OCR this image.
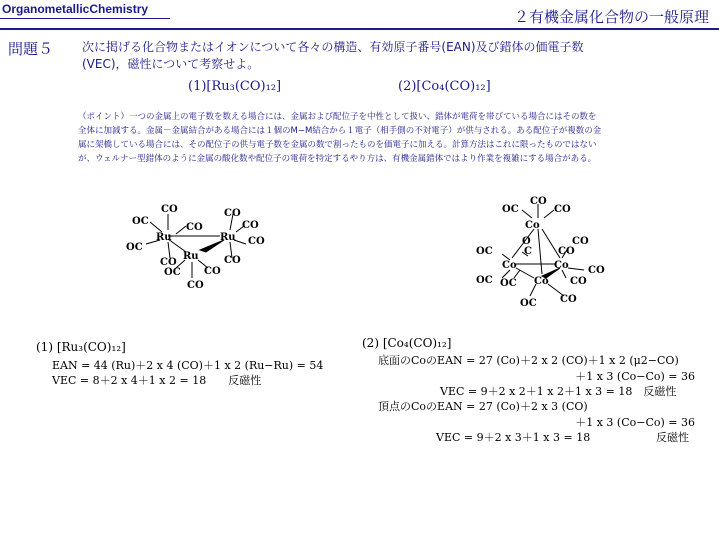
OrganometallicChemistry	２有機金属化合物の一般原理
問題５ 次に掲げる化合物またはイオンについて各々の構造、有効原子番号(EAN)及び錯体の価電子数
(VEC)，磁性について考察せよ。
(1)[Ru₃(CO)₁₂]	(2)[Co₄(CO)₁₂]
（ポイント）一つの金属上の電子数を数える場合には、金属および配位子を中性として扱い、錯体が電荷を帯びている場合にはその数を
全体に加減する。金属－金属結合がある場合には１個のM−M結合から１電子（相手側の不対電子）が供与される。ある配位子が複数の金
属に架橋している場合には、その配位子の供与電子数を金属の数で割ったものを価電子に加える。計算方法はこれに限ったものではない
が、ウェルナー型錯体のように金属の酸化数や配位子の電荷を特定するやり方は、有機金属錯体ではより作業を複雑にする場合がある。
CO
OC
CO
CO
CO
Ru	Ru CO
OC
Ru
CO	CO
OC CO
CO
CO
OC	CO
Co
O	CO
C	CO
OC
Co	Co CO
OC OC Co CO
OC CO
(1) [Ru₃(CO)₁₂]
EAN = 44 (Ru)＋2 x 4 (CO)＋1 x 2 (Ru−Ru) = 54
VEC = 8＋2 x 4＋1 x 2 = 18　　反磁性
(2) [Co₄(CO)₁₂]
底面のCoのEAN = 27 (Co)＋2 x 2 (CO)＋1 x 2 (μ2−CO)
＋1 x 3 (Co−Co) = 36
VEC = 9＋2 x 2＋1 x 2＋1 x 3 = 18　反磁性
頂点のCoのEAN = 27 (Co)＋2 x 3 (CO)
＋1 x 3 (Co−Co) = 36
VEC = 9＋2 x 3＋1 x 3 = 18	反磁性
